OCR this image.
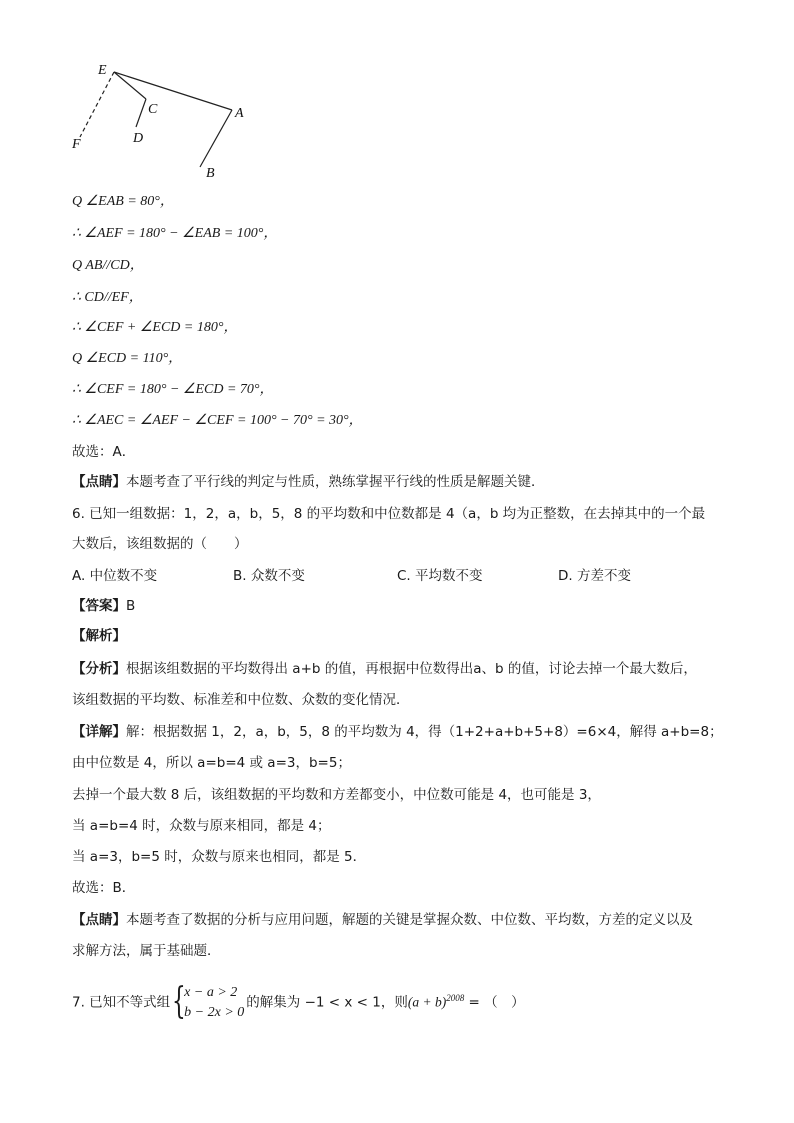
E
C	A
D
F
B
Q ∠EAB = 80°，
∴ ∠AEF = 180° − ∠EAB = 100°，
Q AB//CD，
∴ CD//EF，
∴ ∠CEF + ∠ECD = 180°，
Q ∠ECD = 110°，
∴ ∠CEF = 180° − ∠ECD = 70°，
∴ ∠AEC = ∠AEF − ∠CEF = 100° − 70° = 30°，
故选：A．
【点睛】本题考查了平行线的判定与性质，熟练掌握平行线的性质是解题关键．
6. 已知一组数据：1，2，a，b，5，8 的平均数和中位数都是 4（a，b 均为正整数，在去掉其中的一个最
大数后，该组数据的（　　）
A. 中位数不变	B. 众数不变	C. 平均数不变	D. 方差不变
【答案】B
【解析】
【分析】根据该组数据的平均数得出 a+b 的值，再根据中位数得出a、b 的值，讨论去掉一个最大数后，
该组数据的平均数、标准差和中位数、众数的变化情况．
【详解】解：根据数据 1，2，a，b，5，8 的平均数为 4，得（1+2+a+b+5+8）=6×4，解得 a+b=8；
由中位数是 4，所以 a=b=4 或 a=3，b=5；
去掉一个最大数 8 后，该组数据的平均数和方差都变小，中位数可能是 4，也可能是 3，
当 a=b=4 时，众数与原来相同，都是 4；
当 a=3，b=5 时，众数与原来也相同，都是 5．
故选：B．
【点睛】本题考查了数据的分析与应用问题，解题的关键是掌握众数、中位数、平均数，方差的定义以及
求解方法，属于基础题．
7. 已知不等式组 {
x − a > 2
b − 2x > 0
的解集为 −1 < x < 1，则$(a + b)^{2008}$ = （　）
